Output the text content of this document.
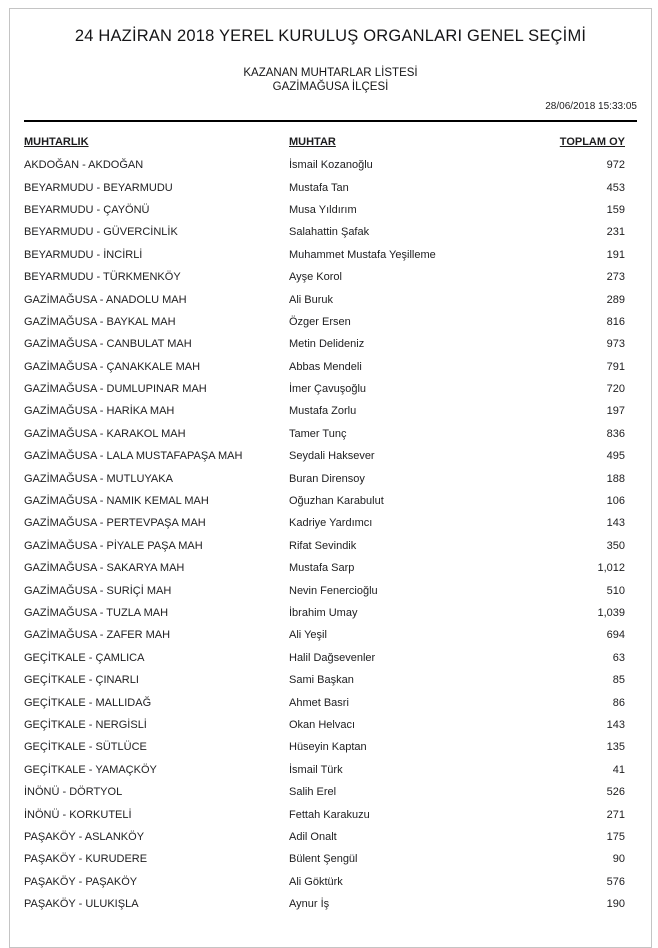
24 HAZİRAN 2018 YEREL KURULUŞ ORGANLARI GENEL SEÇİMİ
KAZANAN MUHTARLAR LİSTESİ
GAZİMAĞUSA İLÇESİ
28/06/2018 15:33:05
MUHTARLIK	MUHTAR	TOPLAM OY
AKDOĞAN - AKDOĞAN	İsmail Kozanoğlu	972
BEYARMUDU - BEYARMUDU	Mustafa Tan	453
BEYARMUDU - ÇAYÖNÜ	Musa Yıldırım	159
BEYARMUDU - GÜVERCİNLİK	Salahattin Şafak	231
BEYARMUDU - İNCİRLİ	Muhammet Mustafa Yeşilleme	191
BEYARMUDU - TÜRKMENKÖY	Ayşe Korol	273
GAZİMAĞUSA - ANADOLU MAH	Ali Buruk	289
GAZİMAĞUSA - BAYKAL MAH	Özger Ersen	816
GAZİMAĞUSA - CANBULAT MAH	Metin Delideniz	973
GAZİMAĞUSA - ÇANAKKALE MAH	Abbas Mendeli	791
GAZİMAĞUSA - DUMLUPINAR MAH	İmer Çavuşoğlu	720
GAZİMAĞUSA - HARİKA MAH	Mustafa Zorlu	197
GAZİMAĞUSA - KARAKOL MAH	Tamer Tunç	836
GAZİMAĞUSA - LALA MUSTAFAPAŞA MAH	Seydali Haksever	495
GAZİMAĞUSA - MUTLUYAKA	Buran Dirensoy	188
GAZİMAĞUSA - NAMIK KEMAL MAH	Oğuzhan Karabulut	106
GAZİMAĞUSA - PERTEVPAŞA MAH	Kadriye Yardımcı	143
GAZİMAĞUSA - PİYALE PAŞA MAH	Rifat Sevindik	350
GAZİMAĞUSA - SAKARYA MAH	Mustafa Sarp	1,012
GAZİMAĞUSA - SURİÇİ MAH	Nevin Fenercioğlu	510
GAZİMAĞUSA - TUZLA MAH	İbrahim Umay	1,039
GAZİMAĞUSA - ZAFER MAH	Ali Yeşil	694
GEÇİTKALE - ÇAMLICA	Halil Dağsevenler	63
GEÇİTKALE - ÇINARLI	Sami Başkan	85
GEÇİTKALE - MALLIDAĞ	Ahmet Basri	86
GEÇİTKALE - NERGİSLİ	Okan Helvacı	143
GEÇİTKALE - SÜTLÜCE	Hüseyin Kaptan	135
GEÇİTKALE - YAMAÇKÖY	İsmail Türk	41
İNÖNÜ - DÖRTYOL	Salih Erel	526
İNÖNÜ - KORKUTELİ	Fettah Karakuzu	271
PAŞAKÖY - ASLANKÖY	Adil Onalt	175
PAŞAKÖY - KURUDERE	Bülent Şengül	90
PAŞAKÖY - PAŞAKÖY	Ali Göktürk	576
PAŞAKÖY - ULUKIŞLA	Aynur İş	190
